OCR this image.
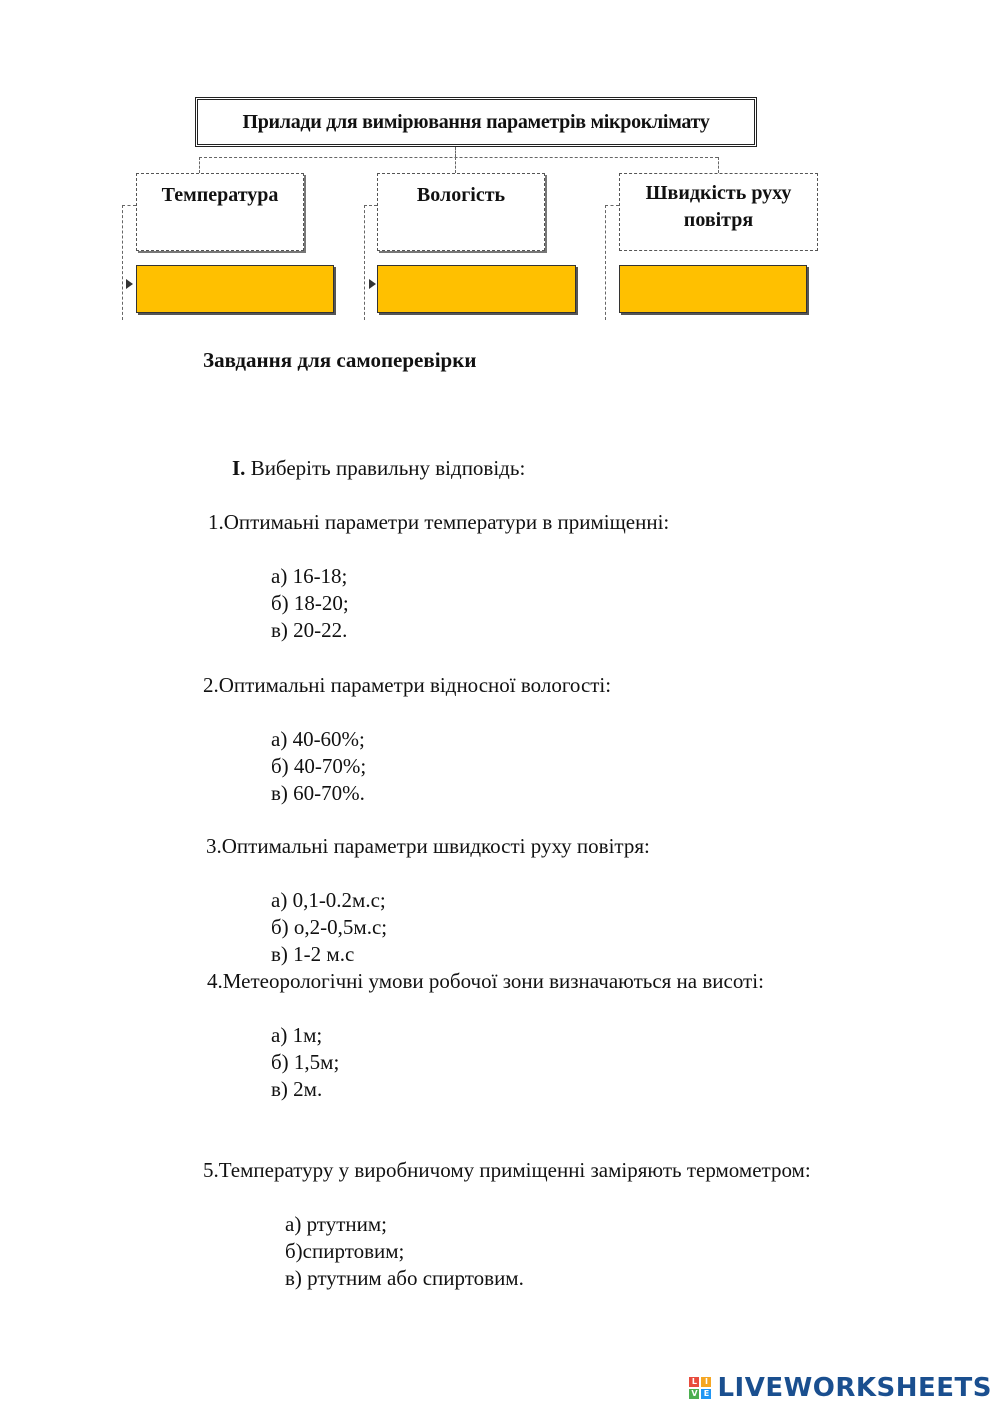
Прилади для вимірювання параметрів мікроклімату
Температура	Вологість	Швидкість руху повітря
Завдання для самоперевірки
I. Виберіть правильну відповідь:
1.Оптимаьні параметри температури в приміщенні:
а) 16-18;
б) 18-20;
в) 20-22.
2.Оптимальні параметри відносної вологості:
а) 40-60%;
б) 40-70%;
в) 60-70%.
3.Оптимальні параметри швидкості руху повітря:
а) 0,1-0.2м.с;
б) о,2-0,5м.с;
в) 1-2 м.с
4.Метеорологічні умови робочої зони визначаються на висоті:
а) 1м;
б) 1,5м;
в) 2м.
5.Температуру у виробничому приміщенні заміряють термометром:
а) ртутним;
б)спиртовим;
в) ртутним або спиртовим.
L I
V E LIVEWORKSHEETS
